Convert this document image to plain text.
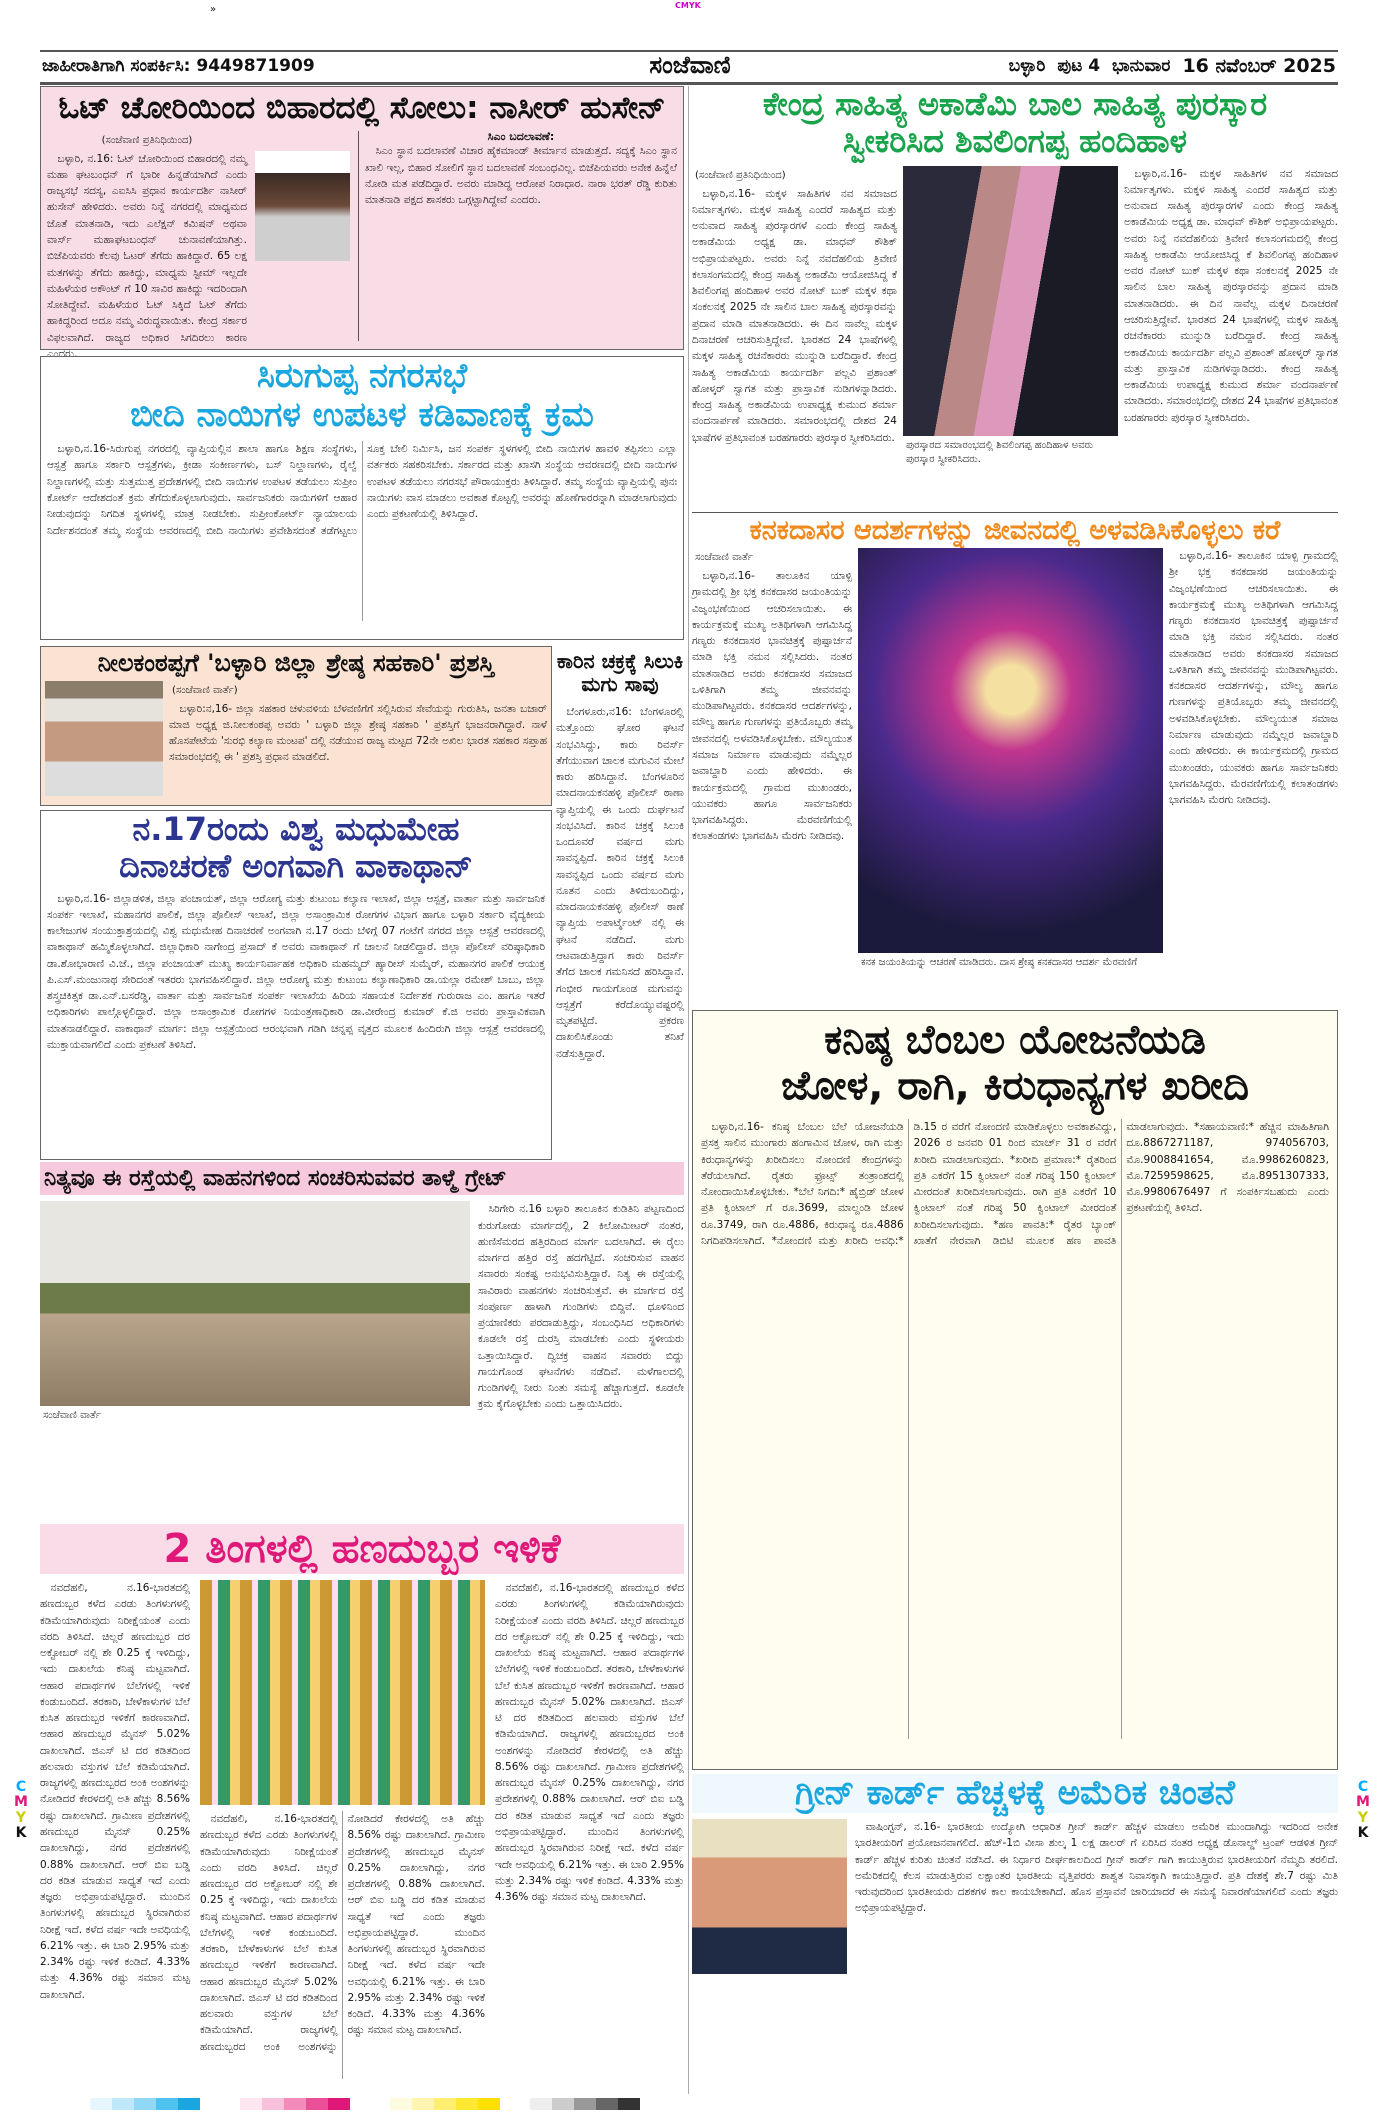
»	CMYK
ಜಾಹೀರಾತಿಗಾಗಿ ಸಂಪರ್ಕಿಸಿ: 9449871909	ಸಂಜೆವಾಣಿ	ಬಳ್ಳಾರಿ ಪುಟ 4 ಭಾನುವಾರ 16 ನವೆಂಬರ್ 2025
ಓಟ್ ಚೋರಿಯಿಂದ ಬಿಹಾರದಲ್ಲಿ ಸೋಲು: ನಾಸೀರ್ ಹುಸೇನ್
(ಸಂಜೆವಾಣಿ ಪ್ರತಿನಿಧಿಯಿಂದ)

ಬಳ್ಳಾರಿ, ನ.16: ಓಟ್ ಚೋರಿಯಿಂದ ಬಿಹಾರದಲ್ಲಿ ನಮ್ಮ ಮಹಾ ಘಟಬಂಧನ್ ಗೆ ಭಾರೀ ಹಿನ್ನಡೆಯಾಗಿದೆ ಎಂದು ರಾಜ್ಯಸಭೆ ಸದಸ್ಯ, ಎಐಸಿಸಿ ಪ್ರಧಾನ ಕಾರ್ಯದರ್ಶಿ ನಾಸೀರ್ ಹುಸೇನ್ ಹೇಳಿದರು. ಅವರು ನಿನ್ನೆ ನಗರದಲ್ಲಿ ಮಾಧ್ಯಮದ ಜೊತೆ ಮಾತನಾಡಿ, ಇದು ಎಲೆಕ್ಷನ್ ಕಮಿಷನ್ ಅಥವಾ ವಾರ್ಸ್ ಮಹಾಘಟಬಂಧನ್ ಚುನಾವಣೆಯಾಗಿತ್ತು. ಬಿಜೆಪಿಯವರು ಕೆಲವು ಓಟರ್ ತೆಗೆದು ಹಾಕಿದ್ದಾರೆ. 65 ಲಕ್ಷ ಮತಗಳನ್ನು ತೆಗೆದು ಹಾಕಿದ್ದು, ಮಾಧ್ಯಮ ಸ್ಟೀಮ್ ಇಲ್ಲದೇ ಮಹಿಳೆಯರ ಅಕೌಂಟ್ ಗೆ 10 ಸಾವಿರ ಹಾಕಿದ್ದು ಇದರಿಂದಾಗಿ ಸೋತಿದ್ದೇವೆ. ಮಹಿಳೆಯರ ಓಟ್ ಸಿಕ್ಕಿದೆ ಓಟ್ ತೆಗೆದು ಹಾಕಿದ್ದರಿಂದ ಅದೂ ನಮ್ಮ ವಿರುದ್ಧವಾಯಿತು. ಕೇಂದ್ರ ಸರ್ಕಾರ ವಿಫಲವಾಗಿದೆ. ರಾಜ್ಯದ ಅಧಿಕಾರ ಸಿಗದಿರಲು ಕಾರಣ ಎಂದರು.

ಸಿಎಂ ಬದಲಾವಣೆ:

ಸಿಎಂ ಸ್ಥಾನ ಬದಲಾವಣೆ ವಿಚಾರ ಹೈಕಮಾಂಡ್ ತೀರ್ಮಾನ ಮಾಡುತ್ತದೆ. ಸದ್ಯಕ್ಕೆ ಸಿಎಂ ಸ್ಥಾನ ಖಾಲಿ ಇಲ್ಲ, ಬಿಹಾರ ಸೋಲಿಗೆ ಸ್ಥಾನ ಬದಲಾವಣೆ ಸಂಬಂಧವಿಲ್ಲ. ಬಿಜೆಪಿಯವರು ಅನೇಕ ಹಿನ್ನೆಲೆ ನೋಡಿ ಮತ ಪಡೆದಿದ್ದಾರೆ. ಅವರು ಮಾಡಿದ್ದ ಆರೋಪ ನಿರಾಧಾರ. ನಾರಾ ಭರತ್ ರೆಡ್ಡಿ ಕುರಿತು ಮಾತನಾಡಿ ಪಕ್ಷದ ಶಾಸಕರು ಒಗ್ಗಟ್ಟಾಗಿದ್ದೇವೆ ಎಂದರು.

ಸಿರುಗುಪ್ಪ ನಗರಸಭೆ
ಬೀದಿ ನಾಯಿಗಳ ಉಪಟಳ ಕಡಿವಾಣಕ್ಕೆ ಕ್ರಮ

ಬಳ್ಳಾರಿ,ನ.16-ಸಿರುಗುಪ್ಪ ನಗರದಲ್ಲಿ ವ್ಯಾಪ್ತಿಯಲ್ಲಿನ ಶಾಲಾ ಹಾಗೂ ಶಿಕ್ಷಣ ಸಂಸ್ಥೆಗಳು, ಆಸ್ಪತ್ರೆ ಹಾಗೂ ಸರ್ಕಾರಿ ಆಸ್ಪತ್ರೆಗಳು, ಕ್ರೀಡಾ ಸಂಕೀರ್ಣಗಳು, ಬಸ್ ನಿಲ್ದಾಣಗಳು, ರೈಲ್ವೆ ನಿಲ್ದಾಣಗಳಲ್ಲಿ ಮತ್ತು ಸುತ್ತಮುತ್ತ ಪ್ರದೇಶಗಳಲ್ಲಿ ಬೀದಿ ನಾಯಿಗಳ ಉಪಟಳ ತಡೆಯಲು ಸುಪ್ರೀಂ ಕೋರ್ಟ್ ಆದೇಶದಂತೆ ಕ್ರಮ ತೆಗೆದುಕೊಳ್ಳಲಾಗುವುದು. ಸಾರ್ವಜನಿಕರು ನಾಯಿಗಳಿಗೆ ಆಹಾರ ನೀಡುವುದನ್ನು ನಿಗದಿತ ಸ್ಥಳಗಳಲ್ಲಿ ಮಾತ್ರ ನೀಡಬೇಕು. ಸುಪ್ರೀಂಕೋರ್ಟ್ ನ್ಯಾಯಾಲಯ ನಿರ್ದೇಶನದಂತೆ ತಮ್ಮ ಸಂಸ್ಥೆಯ ಆವರಣದಲ್ಲಿ ಬೀದಿ ನಾಯಿಗಳು ಪ್ರವೇಶಿಸದಂತೆ ತಡೆಗಟ್ಟಲು ಸೂಕ್ತ ಬೇಲಿ ನಿರ್ಮಿಸಿ, ಜನ ಸಂಪರ್ಕ ಸ್ಥಳಗಳಲ್ಲಿ ಬೀದಿ ನಾಯಿಗಳ ಹಾವಳಿ ತಪ್ಪಿಸಲು ಎಲ್ಲಾ ವರ್ತಕರು ಸಹಕರಿಸಬೇಕು. ಸರ್ಕಾರದ ಮತ್ತು ಖಾಸಗಿ ಸಂಸ್ಥೆಯ ಆವರಣದಲ್ಲಿ ಬೀದಿ ನಾಯಿಗಳ ಉಪಟಳ ತಡೆಯಲು ನಗರಸಭೆ ಪೌರಾಯುಕ್ತರು ತಿಳಿಸಿದ್ದಾರೆ. ತಮ್ಮ ಸಂಸ್ಥೆಯ ವ್ಯಾಪ್ತಿಯಲ್ಲಿ ಪುನಃ ನಾಯಿಗಳು ವಾಸ ಮಾಡಲು ಅವಕಾಶ ಕೊಟ್ಟಲ್ಲಿ ಅವರನ್ನು ಹೊಣೆಗಾರರನ್ನಾಗಿ ಮಾಡಲಾಗುವುದು ಎಂದು ಪ್ರಕಟಣೆಯಲ್ಲಿ ತಿಳಿಸಿದ್ದಾರೆ.

ನೀಲಕಂಠಪ್ಪಗೆ 'ಬಳ್ಳಾರಿ ಜಿಲ್ಲಾ ಶ್ರೇಷ್ಠ ಸಹಕಾರಿ' ಪ್ರಶಸ್ತಿ
(ಸಂಜೆವಾಣಿ ವಾರ್ತೆ)

ಬಳ್ಳಾರಿ:ನ,16- ಜಿಲ್ಲಾ ಸಹಕಾರ ಚಳುವಳಿಯ ಬೆಳವಣಿಗೆಗೆ ಸಲ್ಲಿಸಿರುವ ಸೇವೆಯನ್ನು ಗುರುತಿಸಿ, ಜನತಾ ಬಜಾರ್ ಮಾಜಿ ಅಧ್ಯಕ್ಷ ಜಿ.ನೀಲಕಂಠಪ್ಪ ಅವರು ' ಬಳ್ಳಾರಿ ಜಿಲ್ಲಾ ಶ್ರೇಷ್ಠ ಸಹಕಾರಿ ' ಪ್ರಶಸ್ತಿಗೆ ಭಾಜನರಾಗಿದ್ದಾರೆ. ನಾಳೆ ಹೊಸಪೇಟೆಯ 'ಸುರಭಿ ಕಲ್ಯಾಣ ಮಂಟಪ' ದಲ್ಲಿ ನಡೆಯುವ ರಾಜ್ಯ ಮಟ್ಟದ 72ನೇ ಅಖಿಲ ಭಾರತ ಸಹಕಾರ ಸಪ್ತಾಹ ಸಮಾರಂಭದಲ್ಲಿ ಈ ' ಪ್ರಶಸ್ತಿ ಪ್ರಧಾನ ಮಾಡಲಿದೆ.

ಕಾರಿನ ಚಕ್ರಕ್ಕೆ ಸಿಲುಕಿ ಮಗು ಸಾವು

ಬೆಂಗಳೂರು,ನ16: ಬೆಂಗಳೂರಲ್ಲಿ ಮತ್ತೊಂದು ಘೋರ ಘಟನೆ ಸಂಭವಿಸಿದ್ದು, ಕಾರು ರಿವರ್ಸ್ ತೆಗೆಯುವಾಗ ಚಾಲಕ ಮಗುವಿನ ಮೇಲೆ ಕಾರು ಹರಿಸಿದ್ದಾನೆ. ಬೆಂಗಳೂರಿನ ಮಾದನಾಯಕನಹಳ್ಳಿ ಪೊಲೀಸ್ ಠಾಣಾ ವ್ಯಾಪ್ತಿಯಲ್ಲಿ ಈ ಒಂದು ದುರ್ಘಟನೆ ಸಂಭವಿಸಿದೆ. ಕಾರಿನ ಚಕ್ರಕ್ಕೆ ಸಿಲುಕಿ ಒಂದೂವರೆ ವರ್ಷದ ಮಗು ಸಾವನ್ನಪ್ಪಿದೆ. ಕಾರಿನ ಚಕ್ರಕ್ಕೆ ಸಿಲುಕಿ ಸಾವನ್ನಪ್ಪಿದ ಒಂದು ವರ್ಷದ ಮಗು ನೂತನ ಎಂದು ತಿಳಿದುಬಂದಿದ್ದು, ಮಾದನಾಯಕನಹಳ್ಳಿ ಪೊಲೀಸ್ ಠಾಣೆ ವ್ಯಾಪ್ತಿಯ ಅಪಾರ್ಟ್ಮೆಂಟ್ ನಲ್ಲಿ ಈ ಘಟನೆ ನಡೆದಿದೆ. ಮಗು ಆಟವಾಡುತ್ತಿದ್ದಾಗ ಕಾರು ರಿವರ್ಸ್ ತೆಗೆದ ಚಾಲಕ ಗಮನಿಸದೆ ಹರಿಸಿದ್ದಾನೆ. ಗಂಭೀರ ಗಾಯಗೊಂಡ ಮಗುವನ್ನು ಆಸ್ಪತ್ರೆಗೆ ಕರೆದೊಯ್ಯುವಷ್ಟರಲ್ಲಿ ಮೃತಪಟ್ಟಿದೆ. ಪ್ರಕರಣ ದಾಖಲಿಸಿಕೊಂಡು ತನಿಖೆ ನಡೆಸುತ್ತಿದ್ದಾರೆ.

ನ.17ರಂದು ವಿಶ್ವ ಮಧುಮೇಹ
ದಿನಾಚರಣೆ ಅಂಗವಾಗಿ ವಾಕಾಥಾನ್

ಬಳ್ಳಾರಿ,ನ.16- ಜಿಲ್ಲಾಡಳಿತ, ಜಿಲ್ಲಾ ಪಂಚಾಯತ್, ಜಿಲ್ಲಾ ಆರೋಗ್ಯ ಮತ್ತು ಕುಟುಂಬ ಕಲ್ಯಾಣ ಇಲಾಖೆ, ಜಿಲ್ಲಾ ಆಸ್ಪತ್ರೆ, ವಾರ್ತಾ ಮತ್ತು ಸಾರ್ವಜನಿಕ ಸಂಪರ್ಕ ಇಲಾಖೆ, ಮಹಾನಗರ ಪಾಲಿಕೆ, ಜಿಲ್ಲಾ ಪೊಲೀಸ್ ಇಲಾಖೆ, ಜಿಲ್ಲಾ ಅಸಾಂಕ್ರಾಮಿಕ ರೋಗಗಳ ವಿಭಾಗ ಹಾಗೂ ಬಳ್ಳಾರಿ ಸರ್ಕಾರಿ ವೈದ್ಯಕೀಯ ಕಾಲೇಜುಗಳ ಸಂಯುಕ್ತಾಶ್ರಯದಲ್ಲಿ ವಿಶ್ವ ಮಧುಮೇಹ ದಿನಾಚರಣೆ ಅಂಗವಾಗಿ ನ.17 ರಂದು ಬೆಳಿಗ್ಗೆ 07 ಗಂಟೆಗೆ ನಗರದ ಜಿಲ್ಲಾ ಆಸ್ಪತ್ರೆ ಆವರಣದಲ್ಲಿ ವಾಕಾಥಾನ್ ಹಮ್ಮಿಕೊಳ್ಳಲಾಗಿದೆ. ಜಿಲ್ಲಾಧಿಕಾರಿ ನಾಗೇಂದ್ರ ಪ್ರಸಾದ್ ಕೆ ಅವರು ವಾಕಾಥಾನ್ ಗೆ ಚಾಲನೆ ನೀಡಲಿದ್ದಾರೆ. ಜಿಲ್ಲಾ ಪೊಲೀಸ್ ವರಿಷ್ಠಾಧಿಕಾರಿ ಡಾ.ಶೋಭಾರಾಣಿ ವಿ.ಜೆ., ಜಿಲ್ಲಾ ಪಂಚಾಯತ್ ಮುಖ್ಯ ಕಾರ್ಯನಿರ್ವಾಹಕ ಅಧಿಕಾರಿ ಮಹಮ್ಮದ್ ಹ್ಯಾರೀಸ್ ಸುಮೈರ್, ಮಹಾನಗರ ಪಾಲಿಕೆ ಆಯುಕ್ತ ಪಿ.ಎಸ್.ಮಂಜುನಾಥ ಸೇರಿದಂತೆ ಇತರರು ಭಾಗವಹಿಸಲಿದ್ದಾರೆ. ಜಿಲ್ಲಾ ಆರೋಗ್ಯ ಮತ್ತು ಕುಟುಂಬ ಕಲ್ಯಾಣಾಧಿಕಾರಿ ಡಾ.ಯಲ್ಲಾ ರಮೇಶ್ ಬಾಬು, ಜಿಲ್ಲಾ ಶಸ್ತ್ರಚಿಕಿತ್ಸಕ ಡಾ.ಎನ್.ಬಸರೆಡ್ಡಿ, ವಾರ್ತಾ ಮತ್ತು ಸಾರ್ವಜನಿಕ ಸಂಪರ್ಕ ಇಲಾಖೆಯ ಹಿರಿಯ ಸಹಾಯಕ ನಿರ್ದೇಶಕ ಗುರುರಾಜ ಎಂ. ಹಾಗೂ ಇತರೆ ಅಧಿಕಾರಿಗಳು ಪಾಲ್ಗೊಳ್ಳಲಿದ್ದಾರೆ. ಜಿಲ್ಲಾ ಅಸಾಂಕ್ರಾಮಿಕ ರೋಗಗಳ ನಿಯಂತ್ರಣಾಧಿಕಾರಿ ಡಾ.ವೀರೇಂದ್ರ ಕುಮಾರ್ ಕೆ.ಜಿ ಅವರು ಪ್ರಾಸ್ತಾವಿಕವಾಗಿ ಮಾತನಾಡಲಿದ್ದಾರೆ. ವಾಕಾಥಾನ್ ಮಾರ್ಗ: ಜಿಲ್ಲಾ ಆಸ್ಪತ್ರೆಯಿಂದ ಆರಂಭವಾಗಿ ಗಡಿಗಿ ಚನ್ನಪ್ಪ ವೃತ್ತದ ಮೂಲಕ ಹಿಂದಿರುಗಿ ಜಿಲ್ಲಾ ಆಸ್ಪತ್ರೆ ಆವರಣದಲ್ಲಿ ಮುಕ್ತಾಯವಾಗಲಿದೆ ಎಂದು ಪ್ರಕಟಣೆ ತಿಳಿಸಿದೆ.

ನಿತ್ಯವೂ ಈ ರಸ್ತೆಯಲ್ಲಿ ವಾಹನಗಳಿಂದ ಸಂಚರಿಸುವವರ ತಾಳ್ಮೆ ಗ್ರೇಟ್
ಸಂಜೆವಾಣಿ ವಾರ್ತೆ

ಸಿರಿಗೇರಿ ನ.16 ಬಳ್ಳಾರಿ ತಾಲೂಕಿನ ಕುಡಿತಿನಿ ಪಟ್ಟಣದಿಂದ ಕುರುಗೋಡು ಮಾರ್ಗದಲ್ಲಿ, 2 ಕಿಲೋಮೀಟರ್ ನಂತರ, ಹುಣಿಸೆಮರದ ಹತ್ತಿರದಿಂದ ಮಾರ್ಗ ಬದಲಾಗಿದೆ. ಈ ರೈಲು ಮಾರ್ಗದ ಹತ್ತಿರ ರಸ್ತೆ ಹದಗೆಟ್ಟಿದೆ. ಸಂಚರಿಸುವ ವಾಹನ ಸವಾರರು ಸಂಕಷ್ಟ ಅನುಭವಿಸುತ್ತಿದ್ದಾರೆ. ನಿತ್ಯ ಈ ರಸ್ತೆಯಲ್ಲಿ ಸಾವಿರಾರು ವಾಹನಗಳು ಸಂಚರಿಸುತ್ತವೆ. ಈ ಮಾರ್ಗದ ರಸ್ತೆ ಸಂಪೂರ್ಣ ಹಾಳಾಗಿ ಗುಂಡಿಗಳು ಬಿದ್ದಿವೆ. ಧೂಳಿನಿಂದ ಪ್ರಯಾಣಿಕರು ಪರದಾಡುತ್ತಿದ್ದು, ಸಂಬಂಧಿಸಿದ ಅಧಿಕಾರಿಗಳು ಕೂಡಲೇ ರಸ್ತೆ ದುರಸ್ತಿ ಮಾಡಬೇಕು ಎಂದು ಸ್ಥಳೀಯರು ಒತ್ತಾಯಿಸಿದ್ದಾರೆ. ದ್ವಿಚಕ್ರ ವಾಹನ ಸವಾರರು ಬಿದ್ದು ಗಾಯಗೊಂಡ ಘಟನೆಗಳು ನಡೆದಿವೆ. ಮಳೆಗಾಲದಲ್ಲಿ ಗುಂಡಿಗಳಲ್ಲಿ ನೀರು ನಿಂತು ಸಮಸ್ಯೆ ಹೆಚ್ಚಾಗುತ್ತದೆ. ಕೂಡಲೇ ಕ್ರಮ ಕೈಗೊಳ್ಳಬೇಕು ಎಂದು ಒತ್ತಾಯಿಸಿದರು.

2 ತಿಂಗಳಲ್ಲಿ ಹಣದುಬ್ಬರ ಇಳಿಕೆ

ನವದೆಹಲಿ, ನ.16-ಭಾರತದಲ್ಲಿ ಹಣದುಬ್ಬರ ಕಳೆದ ಎರಡು ತಿಂಗಳುಗಳಲ್ಲಿ ಕಡಿಮೆಯಾಗಿರುವುದು ನಿರೀಕ್ಷೆಯಂತೆ ಎಂದು ವರದಿ ತಿಳಿಸಿದೆ. ಚಿಲ್ಲರೆ ಹಣದುಬ್ಬರ ದರ ಅಕ್ಟೋಬರ್ ನಲ್ಲಿ ಶೇ 0.25 ಕ್ಕೆ ಇಳಿದಿದ್ದು, ಇದು ದಾಖಲೆಯ ಕನಿಷ್ಠ ಮಟ್ಟವಾಗಿದೆ. ಆಹಾರ ಪದಾರ್ಥಗಳ ಬೆಲೆಗಳಲ್ಲಿ ಇಳಿಕೆ ಕಂಡುಬಂದಿದೆ. ತರಕಾರಿ, ಬೇಳೆಕಾಳುಗಳ ಬೆಲೆ ಕುಸಿತ ಹಣದುಬ್ಬರ ಇಳಿಕೆಗೆ ಕಾರಣವಾಗಿದೆ. ಆಹಾರ ಹಣದುಬ್ಬರ ಮೈನಸ್ 5.02% ದಾಖಲಾಗಿದೆ. ಜಿಎಸ್ ಟಿ ದರ ಕಡಿತದಿಂದ ಹಲವಾರು ವಸ್ತುಗಳ ಬೆಲೆ ಕಡಿಮೆಯಾಗಿದೆ. ರಾಜ್ಯಗಳಲ್ಲಿ ಹಣದುಬ್ಬರದ ಅಂಕಿ ಅಂಶಗಳನ್ನು ನೋಡಿದರೆ ಕೇರಳದಲ್ಲಿ ಅತಿ ಹೆಚ್ಚು 8.56% ರಷ್ಟು ದಾಖಲಾಗಿದೆ. ಗ್ರಾಮೀಣ ಪ್ರದೇಶಗಳಲ್ಲಿ ಹಣದುಬ್ಬರ ಮೈನಸ್ 0.25% ದಾಖಲಾಗಿದ್ದು, ನಗರ ಪ್ರದೇಶಗಳಲ್ಲಿ 0.88% ದಾಖಲಾಗಿದೆ. ಆರ್ ಬಿಐ ಬಡ್ಡಿ ದರ ಕಡಿತ ಮಾಡುವ ಸಾಧ್ಯತೆ ಇದೆ ಎಂದು ತಜ್ಞರು ಅಭಿಪ್ರಾಯಪಟ್ಟಿದ್ದಾರೆ. ಮುಂದಿನ ತಿಂಗಳುಗಳಲ್ಲಿ ಹಣದುಬ್ಬರ ಸ್ಥಿರವಾಗಿರುವ ನಿರೀಕ್ಷೆ ಇದೆ. ಕಳೆದ ವರ್ಷ ಇದೇ ಅವಧಿಯಲ್ಲಿ 6.21% ಇತ್ತು. ಈ ಬಾರಿ 2.95% ಮತ್ತು 2.34% ರಷ್ಟು ಇಳಿಕೆ ಕಂಡಿದೆ. 4.33% ಮತ್ತು 4.36% ರಷ್ಟು ಸಮಾನ ಮಟ್ಟ ದಾಖಲಾಗಿದೆ.

ನವದೆಹಲಿ, ನ.16-ಭಾರತದಲ್ಲಿ ಹಣದುಬ್ಬರ ಕಳೆದ ಎರಡು ತಿಂಗಳುಗಳಲ್ಲಿ ಕಡಿಮೆಯಾಗಿರುವುದು ನಿರೀಕ್ಷೆಯಂತೆ ಎಂದು ವರದಿ ತಿಳಿಸಿದೆ. ಚಿಲ್ಲರೆ ಹಣದುಬ್ಬರ ದರ ಅಕ್ಟೋಬರ್ ನಲ್ಲಿ ಶೇ 0.25 ಕ್ಕೆ ಇಳಿದಿದ್ದು, ಇದು ದಾಖಲೆಯ ಕನಿಷ್ಠ ಮಟ್ಟವಾಗಿದೆ. ಆಹಾರ ಪದಾರ್ಥಗಳ ಬೆಲೆಗಳಲ್ಲಿ ಇಳಿಕೆ ಕಂಡುಬಂದಿದೆ. ತರಕಾರಿ, ಬೇಳೆಕಾಳುಗಳ ಬೆಲೆ ಕುಸಿತ ಹಣದುಬ್ಬರ ಇಳಿಕೆಗೆ ಕಾರಣವಾಗಿದೆ. ಆಹಾರ ಹಣದುಬ್ಬರ ಮೈನಸ್ 5.02% ದಾಖಲಾಗಿದೆ. ಜಿಎಸ್ ಟಿ ದರ ಕಡಿತದಿಂದ ಹಲವಾರು ವಸ್ತುಗಳ ಬೆಲೆ ಕಡಿಮೆಯಾಗಿದೆ. ರಾಜ್ಯಗಳಲ್ಲಿ ಹಣದುಬ್ಬರದ ಅಂಕಿ ಅಂಶಗಳನ್ನು ನೋಡಿದರೆ ಕೇರಳದಲ್ಲಿ ಅತಿ ಹೆಚ್ಚು 8.56% ರಷ್ಟು ದಾಖಲಾಗಿದೆ. ಗ್ರಾಮೀಣ ಪ್ರದೇಶಗಳಲ್ಲಿ ಹಣದುಬ್ಬರ ಮೈನಸ್ 0.25% ದಾಖಲಾಗಿದ್ದು, ನಗರ ಪ್ರದೇಶಗಳಲ್ಲಿ 0.88% ದಾಖಲಾಗಿದೆ. ಆರ್ ಬಿಐ ಬಡ್ಡಿ ದರ ಕಡಿತ ಮಾಡುವ ಸಾಧ್ಯತೆ ಇದೆ ಎಂದು ತಜ್ಞರು ಅಭಿಪ್ರಾಯಪಟ್ಟಿದ್ದಾರೆ. ಮುಂದಿನ ತಿಂಗಳುಗಳಲ್ಲಿ ಹಣದುಬ್ಬರ ಸ್ಥಿರವಾಗಿರುವ ನಿರೀಕ್ಷೆ ಇದೆ. ಕಳೆದ ವರ್ಷ ಇದೇ ಅವಧಿಯಲ್ಲಿ 6.21% ಇತ್ತು. ಈ ಬಾರಿ 2.95% ಮತ್ತು 2.34% ರಷ್ಟು ಇಳಿಕೆ ಕಂಡಿದೆ. 4.33% ಮತ್ತು 4.36% ರಷ್ಟು ಸಮಾನ ಮಟ್ಟ ದಾಖಲಾಗಿದೆ.

ನವದೆಹಲಿ, ನ.16-ಭಾರತದಲ್ಲಿ ಹಣದುಬ್ಬರ ಕಳೆದ ಎರಡು ತಿಂಗಳುಗಳಲ್ಲಿ ಕಡಿಮೆಯಾಗಿರುವುದು ನಿರೀಕ್ಷೆಯಂತೆ ಎಂದು ವರದಿ ತಿಳಿಸಿದೆ. ಚಿಲ್ಲರೆ ಹಣದುಬ್ಬರ ದರ ಅಕ್ಟೋಬರ್ ನಲ್ಲಿ ಶೇ 0.25 ಕ್ಕೆ ಇಳಿದಿದ್ದು, ಇದು ದಾಖಲೆಯ ಕನಿಷ್ಠ ಮಟ್ಟವಾಗಿದೆ. ಆಹಾರ ಪದಾರ್ಥಗಳ ಬೆಲೆಗಳಲ್ಲಿ ಇಳಿಕೆ ಕಂಡುಬಂದಿದೆ. ತರಕಾರಿ, ಬೇಳೆಕಾಳುಗಳ ಬೆಲೆ ಕುಸಿತ ಹಣದುಬ್ಬರ ಇಳಿಕೆಗೆ ಕಾರಣವಾಗಿದೆ. ಆಹಾರ ಹಣದುಬ್ಬರ ಮೈನಸ್ 5.02% ದಾಖಲಾಗಿದೆ. ಜಿಎಸ್ ಟಿ ದರ ಕಡಿತದಿಂದ ಹಲವಾರು ವಸ್ತುಗಳ ಬೆಲೆ ಕಡಿಮೆಯಾಗಿದೆ. ರಾಜ್ಯಗಳಲ್ಲಿ ಹಣದುಬ್ಬರದ ಅಂಕಿ ಅಂಶಗಳನ್ನು ನೋಡಿದರೆ ಕೇರಳದಲ್ಲಿ ಅತಿ ಹೆಚ್ಚು 8.56% ರಷ್ಟು ದಾಖಲಾಗಿದೆ. ಗ್ರಾಮೀಣ ಪ್ರದೇಶಗಳಲ್ಲಿ ಹಣದುಬ್ಬರ ಮೈನಸ್ 0.25% ದಾಖಲಾಗಿದ್ದು, ನಗರ ಪ್ರದೇಶಗಳಲ್ಲಿ 0.88% ದಾಖಲಾಗಿದೆ. ಆರ್ ಬಿಐ ಬಡ್ಡಿ ದರ ಕಡಿತ ಮಾಡುವ ಸಾಧ್ಯತೆ ಇದೆ ಎಂದು ತಜ್ಞರು ಅಭಿಪ್ರಾಯಪಟ್ಟಿದ್ದಾರೆ. ಮುಂದಿನ ತಿಂಗಳುಗಳಲ್ಲಿ ಹಣದುಬ್ಬರ ಸ್ಥಿರವಾಗಿರುವ ನಿರೀಕ್ಷೆ ಇದೆ. ಕಳೆದ ವರ್ಷ ಇದೇ ಅವಧಿಯಲ್ಲಿ 6.21% ಇತ್ತು. ಈ ಬಾರಿ 2.95% ಮತ್ತು 2.34% ರಷ್ಟು ಇಳಿಕೆ ಕಂಡಿದೆ. 4.33% ಮತ್ತು 4.36% ರಷ್ಟು ಸಮಾನ ಮಟ್ಟ ದಾಖಲಾಗಿದೆ.

ಕೇಂದ್ರ ಸಾಹಿತ್ಯ ಅಕಾಡೆಮಿ ಬಾಲ ಸಾಹಿತ್ಯ ಪುರಸ್ಕಾರ
ಸ್ವೀಕರಿಸಿದ ಶಿವಲಿಂಗಪ್ಪ ಹಂದಿಹಾಳ
(ಸಂಜೆವಾಣಿ ಪ್ರತಿನಿಧಿಯಿಂದ)

ಬಳ್ಳಾರಿ,ನ.16- ಮಕ್ಕಳ ಸಾಹಿತಿಗಳ ನವ ಸಮಾಜದ ನಿರ್ಮಾತೃಗಳು. ಮಕ್ಕಳ ಸಾಹಿತ್ಯ ಎಂದರೆ ಸಾಹಿತ್ಯದ ಮತ್ತು ಅನುವಾದ ಸಾಹಿತ್ಯ ಪುರಸ್ಕಾರಗಳೆ ಎಂದು ಕೇಂದ್ರ ಸಾಹಿತ್ಯ ಅಕಾಡೆಮಿಯ ಅಧ್ಯಕ್ಷ ಡಾ. ಮಾಧವ್ ಕೌಶಿಕ್ ಅಭಿಪ್ರಾಯಪಟ್ಟರು. ಅವರು ನಿನ್ನೆ ನವದೆಹಲಿಯ ತ್ರಿವೇಣಿ ಕಲಾಸಂಗಮದಲ್ಲಿ ಕೇಂದ್ರ ಸಾಹಿತ್ಯ ಅಕಾಡೆಮಿ ಆಯೋಜಿಸಿದ್ದ ಕೆ ಶಿವಲಿಂಗಪ್ಪ ಹಂದಿಹಾಳ ಅವರ ನೋಟ್ ಬುಕ್ ಮಕ್ಕಳ ಕಥಾ ಸಂಕಲನಕ್ಕೆ 2025 ನೇ ಸಾಲಿನ ಬಾಲ ಸಾಹಿತ್ಯ ಪುರಸ್ಕಾರವನ್ನು ಪ್ರದಾನ ಮಾಡಿ ಮಾತನಾಡಿದರು. ಈ ದಿನ ನಾವೆಲ್ಲ ಮಕ್ಕಳ ದಿನಾಚರಣೆ ಆಚರಿಸುತ್ತಿದ್ದೇವೆ. ಭಾರತದ 24 ಭಾಷೆಗಳಲ್ಲಿ ಮಕ್ಕಳ ಸಾಹಿತ್ಯ ರಚನೆಕಾರರು ಮುನ್ನುಡಿ ಬರೆದಿದ್ದಾರೆ. ಕೇಂದ್ರ ಸಾಹಿತ್ಯ ಅಕಾಡೆಮಿಯ ಕಾರ್ಯದರ್ಶಿ ಪಲ್ಲವಿ ಪ್ರಶಾಂತ್ ಹೋಳ್ಕರ್ ಸ್ವಾಗತ ಮತ್ತು ಪ್ರಾಸ್ತಾವಿಕ ನುಡಿಗಳನ್ನಾಡಿದರು. ಕೇಂದ್ರ ಸಾಹಿತ್ಯ ಅಕಾಡೆಮಿಯ ಉಪಾಧ್ಯಕ್ಷ ಕುಮುದ ಶರ್ಮಾ ವಂದನಾರ್ಪಣೆ ಮಾಡಿದರು. ಸಮಾರಂಭದಲ್ಲಿ ದೇಶದ 24 ಭಾಷೆಗಳ ಪ್ರತಿಭಾವಂತ ಬರಹಗಾರರು ಪುರಸ್ಕಾರ ಸ್ವೀಕರಿಸಿದರು.

ಪುರಸ್ಕಾರದ ಸಮಾರಂಭದಲ್ಲಿ ಶಿವಲಿಂಗಪ್ಪ ಹಂದಿಹಾಳ ಅವರು ಪುರಸ್ಕಾರ ಸ್ವೀಕರಿಸಿದರು.

ಬಳ್ಳಾರಿ,ನ.16- ಮಕ್ಕಳ ಸಾಹಿತಿಗಳ ನವ ಸಮಾಜದ ನಿರ್ಮಾತೃಗಳು. ಮಕ್ಕಳ ಸಾಹಿತ್ಯ ಎಂದರೆ ಸಾಹಿತ್ಯದ ಮತ್ತು ಅನುವಾದ ಸಾಹಿತ್ಯ ಪುರಸ್ಕಾರಗಳೆ ಎಂದು ಕೇಂದ್ರ ಸಾಹಿತ್ಯ ಅಕಾಡೆಮಿಯ ಅಧ್ಯಕ್ಷ ಡಾ. ಮಾಧವ್ ಕೌಶಿಕ್ ಅಭಿಪ್ರಾಯಪಟ್ಟರು. ಅವರು ನಿನ್ನೆ ನವದೆಹಲಿಯ ತ್ರಿವೇಣಿ ಕಲಾಸಂಗಮದಲ್ಲಿ ಕೇಂದ್ರ ಸಾಹಿತ್ಯ ಅಕಾಡೆಮಿ ಆಯೋಜಿಸಿದ್ದ ಕೆ ಶಿವಲಿಂಗಪ್ಪ ಹಂದಿಹಾಳ ಅವರ ನೋಟ್ ಬುಕ್ ಮಕ್ಕಳ ಕಥಾ ಸಂಕಲನಕ್ಕೆ 2025 ನೇ ಸಾಲಿನ ಬಾಲ ಸಾಹಿತ್ಯ ಪುರಸ್ಕಾರವನ್ನು ಪ್ರದಾನ ಮಾಡಿ ಮಾತನಾಡಿದರು. ಈ ದಿನ ನಾವೆಲ್ಲ ಮಕ್ಕಳ ದಿನಾಚರಣೆ ಆಚರಿಸುತ್ತಿದ್ದೇವೆ. ಭಾರತದ 24 ಭಾಷೆಗಳಲ್ಲಿ ಮಕ್ಕಳ ಸಾಹಿತ್ಯ ರಚನೆಕಾರರು ಮುನ್ನುಡಿ ಬರೆದಿದ್ದಾರೆ. ಕೇಂದ್ರ ಸಾಹಿತ್ಯ ಅಕಾಡೆಮಿಯ ಕಾರ್ಯದರ್ಶಿ ಪಲ್ಲವಿ ಪ್ರಶಾಂತ್ ಹೋಳ್ಕರ್ ಸ್ವಾಗತ ಮತ್ತು ಪ್ರಾಸ್ತಾವಿಕ ನುಡಿಗಳನ್ನಾಡಿದರು. ಕೇಂದ್ರ ಸಾಹಿತ್ಯ ಅಕಾಡೆಮಿಯ ಉಪಾಧ್ಯಕ್ಷ ಕುಮುದ ಶರ್ಮಾ ವಂದನಾರ್ಪಣೆ ಮಾಡಿದರು. ಸಮಾರಂಭದಲ್ಲಿ ದೇಶದ 24 ಭಾಷೆಗಳ ಪ್ರತಿಭಾವಂತ ಬರಹಗಾರರು ಪುರಸ್ಕಾರ ಸ್ವೀಕರಿಸಿದರು.

ಕನಕದಾಸರ ಆದರ್ಶಗಳನ್ನು ಜೀವನದಲ್ಲಿ ಅಳವಡಿಸಿಕೊಳ್ಳಲು ಕರೆ
ಸಂಜೆವಾಣಿ ವಾರ್ತೆ

ಬಳ್ಳಾರಿ,ನ.16- ತಾಲೂಕಿನ ಯಾಳ್ಪಿ ಗ್ರಾಮದಲ್ಲಿ ಶ್ರೀ ಭಕ್ತ ಕನಕದಾಸರ ಜಯಂತಿಯನ್ನು ವಿಜೃಂಭಣೆಯಿಂದ ಆಚರಿಸಲಾಯಿತು. ಈ ಕಾರ್ಯಕ್ರಮಕ್ಕೆ ಮುಖ್ಯ ಅತಿಥಿಗಳಾಗಿ ಆಗಮಿಸಿದ್ದ ಗಣ್ಯರು ಕನಕದಾಸರ ಭಾವಚಿತ್ರಕ್ಕೆ ಪುಷ್ಪಾರ್ಚನೆ ಮಾಡಿ ಭಕ್ತಿ ನಮನ ಸಲ್ಲಿಸಿದರು. ನಂತರ ಮಾತನಾಡಿದ ಅವರು ಕನಕದಾಸರ ಸಮಾಜದ ಒಳಿತಿಗಾಗಿ ತಮ್ಮ ಜೀವನವನ್ನು ಮುಡಿಪಾಗಿಟ್ಟವರು. ಕನಕದಾಸರ ಆದರ್ಶಗಳನ್ನು, ಮೌಲ್ಯ ಹಾಗೂ ಗುಣಗಳನ್ನು ಪ್ರತಿಯೊಬ್ಬರು ತಮ್ಮ ಜೀವನದಲ್ಲಿ ಅಳವಡಿಸಿಕೊಳ್ಳಬೇಕು. ಮೌಲ್ಯಯುತ ಸಮಾಜ ನಿರ್ಮಾಣ ಮಾಡುವುದು ನಮ್ಮೆಲ್ಲರ ಜವಾಬ್ದಾರಿ ಎಂದು ಹೇಳಿದರು. ಈ ಕಾರ್ಯಕ್ರಮದಲ್ಲಿ ಗ್ರಾಮದ ಮುಖಂಡರು, ಯುವಕರು ಹಾಗೂ ಸಾರ್ವಜನಿಕರು ಭಾಗವಹಿಸಿದ್ದರು. ಮೆರವಣಿಗೆಯಲ್ಲಿ ಕಲಾತಂಡಗಳು ಭಾಗವಹಿಸಿ ಮೆರಗು ನೀಡಿದವು.

ಕನಕ ಜಯಂತಿಯನ್ನು ಆಚರಣೆ ಮಾಡಿದರು. ದಾಸ ಶ್ರೇಷ್ಠ ಕನಕದಾಸರ ಆದರ್ಶ ಮೆರವಣಿಗೆ

ಬಳ್ಳಾರಿ,ನ.16- ತಾಲೂಕಿನ ಯಾಳ್ಪಿ ಗ್ರಾಮದಲ್ಲಿ ಶ್ರೀ ಭಕ್ತ ಕನಕದಾಸರ ಜಯಂತಿಯನ್ನು ವಿಜೃಂಭಣೆಯಿಂದ ಆಚರಿಸಲಾಯಿತು. ಈ ಕಾರ್ಯಕ್ರಮಕ್ಕೆ ಮುಖ್ಯ ಅತಿಥಿಗಳಾಗಿ ಆಗಮಿಸಿದ್ದ ಗಣ್ಯರು ಕನಕದಾಸರ ಭಾವಚಿತ್ರಕ್ಕೆ ಪುಷ್ಪಾರ್ಚನೆ ಮಾಡಿ ಭಕ್ತಿ ನಮನ ಸಲ್ಲಿಸಿದರು. ನಂತರ ಮಾತನಾಡಿದ ಅವರು ಕನಕದಾಸರ ಸಮಾಜದ ಒಳಿತಿಗಾಗಿ ತಮ್ಮ ಜೀವನವನ್ನು ಮುಡಿಪಾಗಿಟ್ಟವರು. ಕನಕದಾಸರ ಆದರ್ಶಗಳನ್ನು, ಮೌಲ್ಯ ಹಾಗೂ ಗುಣಗಳನ್ನು ಪ್ರತಿಯೊಬ್ಬರು ತಮ್ಮ ಜೀವನದಲ್ಲಿ ಅಳವಡಿಸಿಕೊಳ್ಳಬೇಕು. ಮೌಲ್ಯಯುತ ಸಮಾಜ ನಿರ್ಮಾಣ ಮಾಡುವುದು ನಮ್ಮೆಲ್ಲರ ಜವಾಬ್ದಾರಿ ಎಂದು ಹೇಳಿದರು. ಈ ಕಾರ್ಯಕ್ರಮದಲ್ಲಿ ಗ್ರಾಮದ ಮುಖಂಡರು, ಯುವಕರು ಹಾಗೂ ಸಾರ್ವಜನಿಕರು ಭಾಗವಹಿಸಿದ್ದರು. ಮೆರವಣಿಗೆಯಲ್ಲಿ ಕಲಾತಂಡಗಳು ಭಾಗವಹಿಸಿ ಮೆರಗು ನೀಡಿದವು.

ಕನಿಷ್ಠ ಬೆಂಬಲ ಯೋಜನೆಯಡಿ
ಜೋಳ, ರಾಗಿ, ಕಿರುಧಾನ್ಯಗಳ ಖರೀದಿ

ಬಳ್ಳಾರಿ,ನ.16- ಕನಿಷ್ಠ ಬೆಂಬಲ ಬೆಲೆ ಯೋಜನೆಯಡಿ ಪ್ರಸಕ್ತ ಸಾಲಿನ ಮುಂಗಾರು ಹಂಗಾಮಿನ ಜೋಳ, ರಾಗಿ ಮತ್ತು ಕಿರುಧಾನ್ಯಗಳನ್ನು ಖರೀದಿಸಲು ನೋಂದಣಿ ಕೇಂದ್ರಗಳನ್ನು ತೆರೆಯಲಾಗಿದೆ. ರೈತರು ಫ್ರೂಟ್ಸ್ ತಂತ್ರಾಂಶದಲ್ಲಿ ನೋಂದಾಯಿಸಿಕೊಳ್ಳಬೇಕು. *ಬೆಲೆ ನಿಗದಿ:* ಹೈಬ್ರಿಡ್ ಜೋಳ ಪ್ರತಿ ಕ್ವಿಂಟಾಲ್ ಗೆ ರೂ.3699, ಮಾಲ್ದಂಡಿ ಜೋಳ ರೂ.3749, ರಾಗಿ ರೂ.4886, ಕಿರುಧಾನ್ಯ ರೂ.4886 ನಿಗದಿಪಡಿಸಲಾಗಿದೆ. *ನೋಂದಣಿ ಮತ್ತು ಖರೀದಿ ಅವಧಿ:* ಡಿ.15 ರ ವರೆಗೆ ನೋಂದಣಿ ಮಾಡಿಕೊಳ್ಳಲು ಅವಕಾಶವಿದ್ದು, 2026 ರ ಜನವರಿ 01 ರಿಂದ ಮಾರ್ಚ್ 31 ರ ವರೆಗೆ ಖರೀದಿ ಮಾಡಲಾಗುವುದು. *ಖರೀದಿ ಪ್ರಮಾಣ:* ರೈತರಿಂದ ಪ್ರತಿ ಎಕರೆಗೆ 15 ಕ್ವಿಂಟಾಲ್ ನಂತೆ ಗರಿಷ್ಠ 150 ಕ್ವಿಂಟಾಲ್ ಮೀರದಂತೆ ಖರೀದಿಸಲಾಗುವುದು. ರಾಗಿ ಪ್ರತಿ ಎಕರೆಗೆ 10 ಕ್ವಿಂಟಾಲ್ ನಂತೆ ಗರಿಷ್ಠ 50 ಕ್ವಿಂಟಾಲ್ ಮೀರದಂತೆ ಖರೀದಿಸಲಾಗುವುದು. *ಹಣ ಪಾವತಿ:* ರೈತರ ಬ್ಯಾಂಕ್ ಖಾತೆಗೆ ನೇರವಾಗಿ ಡಿಬಿಟಿ ಮೂಲಕ ಹಣ ಪಾವತಿ ಮಾಡಲಾಗುವುದು. *ಸಹಾಯವಾಣಿ:* ಹೆಚ್ಚಿನ ಮಾಹಿತಿಗಾಗಿ ದೂ.8867271187, 974056703, ಮೊ.9008841654, ಮೊ.9986260823, ಮೊ.7259598625, ಮೊ.8951307333, ಮೊ.9980676497 ಗೆ ಸಂಪರ್ಕಿಸಬಹುದು ಎಂದು ಪ್ರಕಟಣೆಯಲ್ಲಿ ತಿಳಿಸಿದೆ.

ಗ್ರೀನ್ ಕಾರ್ಡ್ ಹೆಚ್ಚಳಕ್ಕೆ ಅಮೆರಿಕ ಚಿಂತನೆ

ವಾಷಿಂಗ್ಟನ್, ನ.16- ಭಾರತೀಯ ಉದ್ಯೋಗಿ ಆಧಾರಿತ ಗ್ರೀನ್ ಕಾರ್ಡ್ ಹೆಚ್ಚಳ ಮಾಡಲು ಅಮೆರಿಕ ಮುಂದಾಗಿದ್ದು ಇದರಿಂದ ಅನೇಕ ಭಾರತೀಯರಿಗೆ ಪ್ರಯೋಜನವಾಗಲಿದೆ. ಹೆಚ್-1ಬಿ ವೀಸಾ ಶುಲ್ಕ 1 ಲಕ್ಷ ಡಾಲರ್ ಗೆ ಏರಿಸಿದ ನಂತರ ಅಧ್ಯಕ್ಷ ಡೊನಾಲ್ಡ್ ಟ್ರಂಪ್ ಆಡಳಿತ ಗ್ರೀನ್ ಕಾರ್ಡ್ ಹೆಚ್ಚಳ ಕುರಿತು ಚಿಂತನೆ ನಡೆಸಿದೆ. ಈ ನಿರ್ಧಾರ ದೀರ್ಘಕಾಲದಿಂದ ಗ್ರೀನ್ ಕಾರ್ಡ್ ಗಾಗಿ ಕಾಯುತ್ತಿರುವ ಭಾರತೀಯರಿಗೆ ನೆಮ್ಮದಿ ತರಲಿದೆ. ಅಮೆರಿಕದಲ್ಲಿ ಕೆಲಸ ಮಾಡುತ್ತಿರುವ ಲಕ್ಷಾಂತರ ಭಾರತೀಯ ವೃತ್ತಿಪರರು ಶಾಶ್ವತ ನಿವಾಸಕ್ಕಾಗಿ ಕಾಯುತ್ತಿದ್ದಾರೆ. ಪ್ರತಿ ದೇಶಕ್ಕೆ ಶೇ.7 ರಷ್ಟು ಮಿತಿ ಇರುವುದರಿಂದ ಭಾರತೀಯರು ದಶಕಗಳ ಕಾಲ ಕಾಯಬೇಕಾಗಿದೆ. ಹೊಸ ಪ್ರಸ್ತಾವನೆ ಜಾರಿಯಾದರೆ ಈ ಸಮಸ್ಯೆ ನಿವಾರಣೆಯಾಗಲಿದೆ ಎಂದು ತಜ್ಞರು ಅಭಿಪ್ರಾಯಪಟ್ಟಿದ್ದಾರೆ.

C
M
Y
K
C
M
Y
K
